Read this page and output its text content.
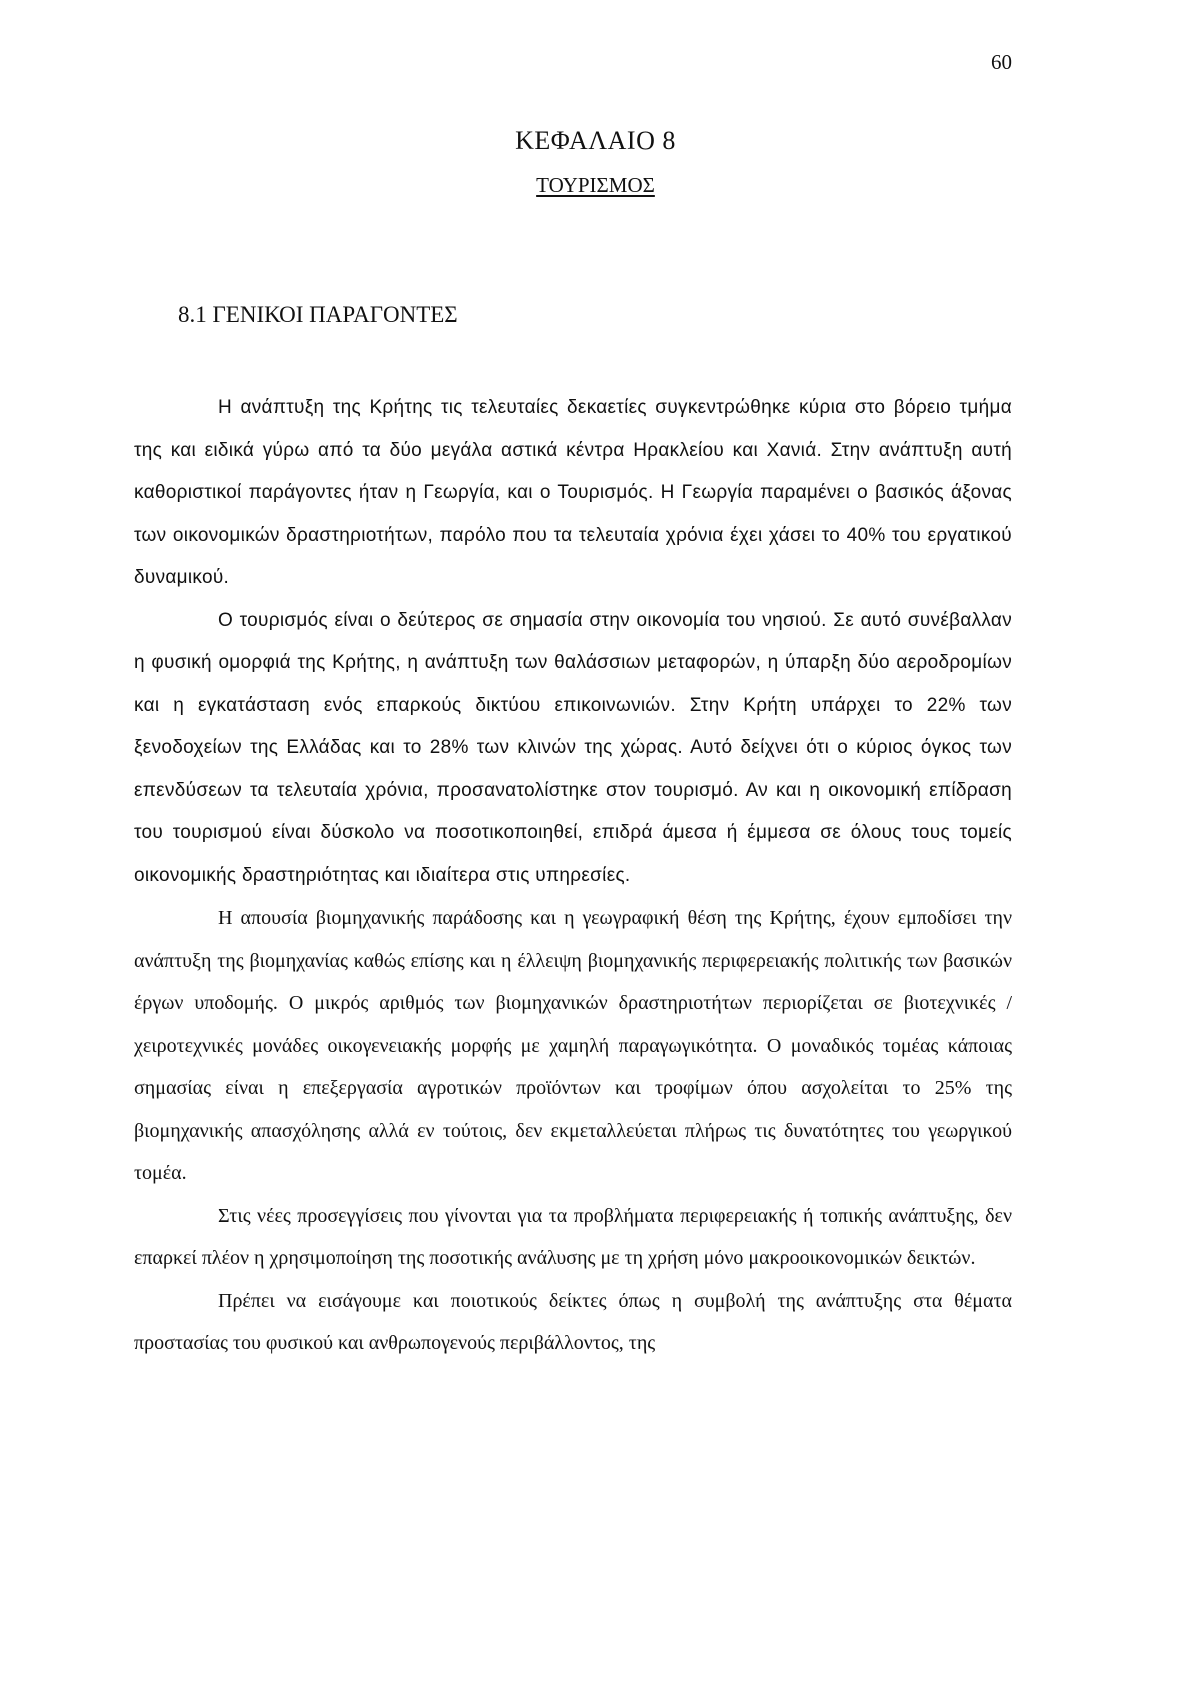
60
ΚΕΦΑΛΑΙΟ 8
ΤΟΥΡΙΣΜΟΣ
8.1 ΓΕΝΙΚΟΙ ΠΑΡΑΓΟΝΤΕΣ

Η ανάπτυξη της Κρήτης τις τελευταίες δεκαετίες συγκεντρώθηκε κύρια στο βόρειο τμήμα της και ειδικά γύρω από τα δύο μεγάλα αστικά κέντρα Ηρακλείου και Χανιά. Στην ανάπτυξη αυτή καθοριστικοί παράγοντες ήταν η Γεωργία, και ο Τουρισμός. Η Γεωργία παραμένει ο βασικός άξονας των οικονομικών δραστηριοτήτων, παρόλο που τα τελευταία χρόνια έχει χάσει το 40% του εργατικού δυναμικού.

Ο τουρισμός είναι ο δεύτερος σε σημασία στην οικονομία του νησιού. Σε αυτό συνέβαλλαν η φυσική ομορφιά της Κρήτης, η ανάπτυξη των θαλάσσιων μεταφορών, η ύπαρξη δύο αεροδρομίων και η εγκατάσταση ενός επαρκούς δικτύου επικοινωνιών. Στην Κρήτη υπάρχει το 22% των ξενοδοχείων της Ελλάδας και το 28% των κλινών της χώρας. Αυτό δείχνει ότι ο κύριος όγκος των επενδύσεων τα τελευταία χρόνια, προσανατολίστηκε στον τουρισμό. Αν και η οικονομική επίδραση του τουρισμού είναι δύσκολο να ποσοτικοποιηθεί, επιδρά άμεσα ή έμμεσα σε όλους τους τομείς οικονομικής δραστηριότητας και ιδιαίτερα στις υπηρεσίες.

Η απουσία βιομηχανικής παράδοσης και η γεωγραφική θέση της Κρήτης, έχουν εμποδίσει την ανάπτυξη της βιομηχανίας καθώς επίσης και η έλλειψη βιομηχανικής περιφερειακής πολιτικής των βασικών έργων υποδομής. Ο μικρός αριθμός των βιομηχανικών δραστηριοτήτων περιορίζεται σε βιοτεχνικές / χειροτεχνικές μονάδες οικογενειακής μορφής με χαμηλή παραγωγικότητα. Ο μοναδικός τομέας κάποιας σημασίας είναι η επεξεργασία αγροτικών προϊόντων και τροφίμων όπου ασχολείται το 25% της βιομηχανικής απασχόλησης αλλά εν τούτοις, δεν εκμεταλλεύεται πλήρως τις δυνατότητες του γεωργικού τομέα.

Στις νέες προσεγγίσεις που γίνονται για τα προβλήματα περιφερειακής ή τοπικής ανάπτυξης, δεν επαρκεί πλέον η χρησιμοποίηση της ποσοτικής ανάλυσης με τη χρήση μόνο μακροοικονομικών δεικτών.

Πρέπει να εισάγουμε και ποιοτικούς δείκτες όπως η συμβολή της ανάπτυξης στα θέματα προστασίας του φυσικού και ανθρωπογενούς περιβάλλοντος, της
